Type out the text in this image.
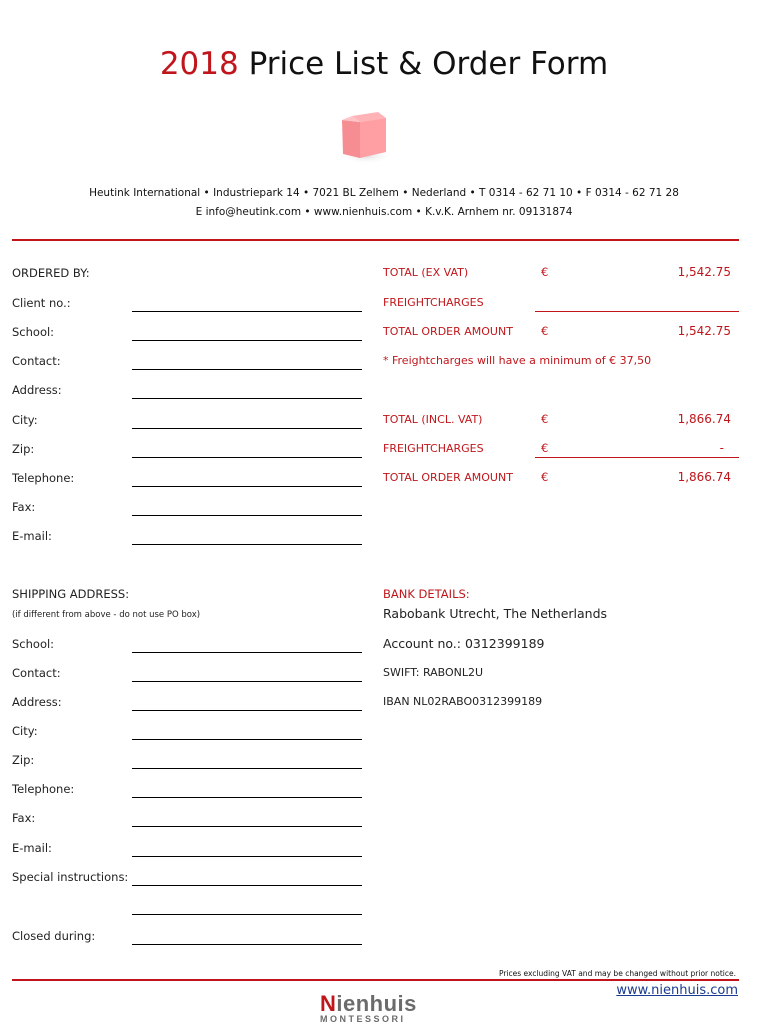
2018 Price List & Order Form
Heutink International • Industriepark 14 • 7021 BL Zelhem • Nederland • T 0314 - 62 71 10 • F 0314 - 62 71 28
E info@heutink.com • www.nienhuis.com • K.v.K. Arnhem nr. 09131874
ORDERED BY:
Client no.:
School:
Contact:
Address:
City:
Zip:
Telephone:
Fax:
E-mail:
TOTAL (EX VAT)	€	1,542.75
FREIGHTCHARGES
TOTAL ORDER AMOUNT €	1,542.75
* Freightcharges will have a minimum of € 37,50
TOTAL (INCL. VAT)	€	1,866.74
FREIGHTCHARGES	€	-
TOTAL ORDER AMOUNT €	1,866.74
SHIPPING ADDRESS:
(if different from above - do not use PO box)
School:
Contact:
Address:
City:
Zip:
Telephone:
Fax:
E-mail:
Special instructions:
Closed during:
BANK DETAILS:
Rabobank Utrecht, The Netherlands
Account no.: 0312399189
SWIFT: RABONL2U
IBAN NL02RABO0312399189
Prices excluding VAT and may be changed without prior notice.
www.nienhuis.com
Nienhuis
MONTESSORI
